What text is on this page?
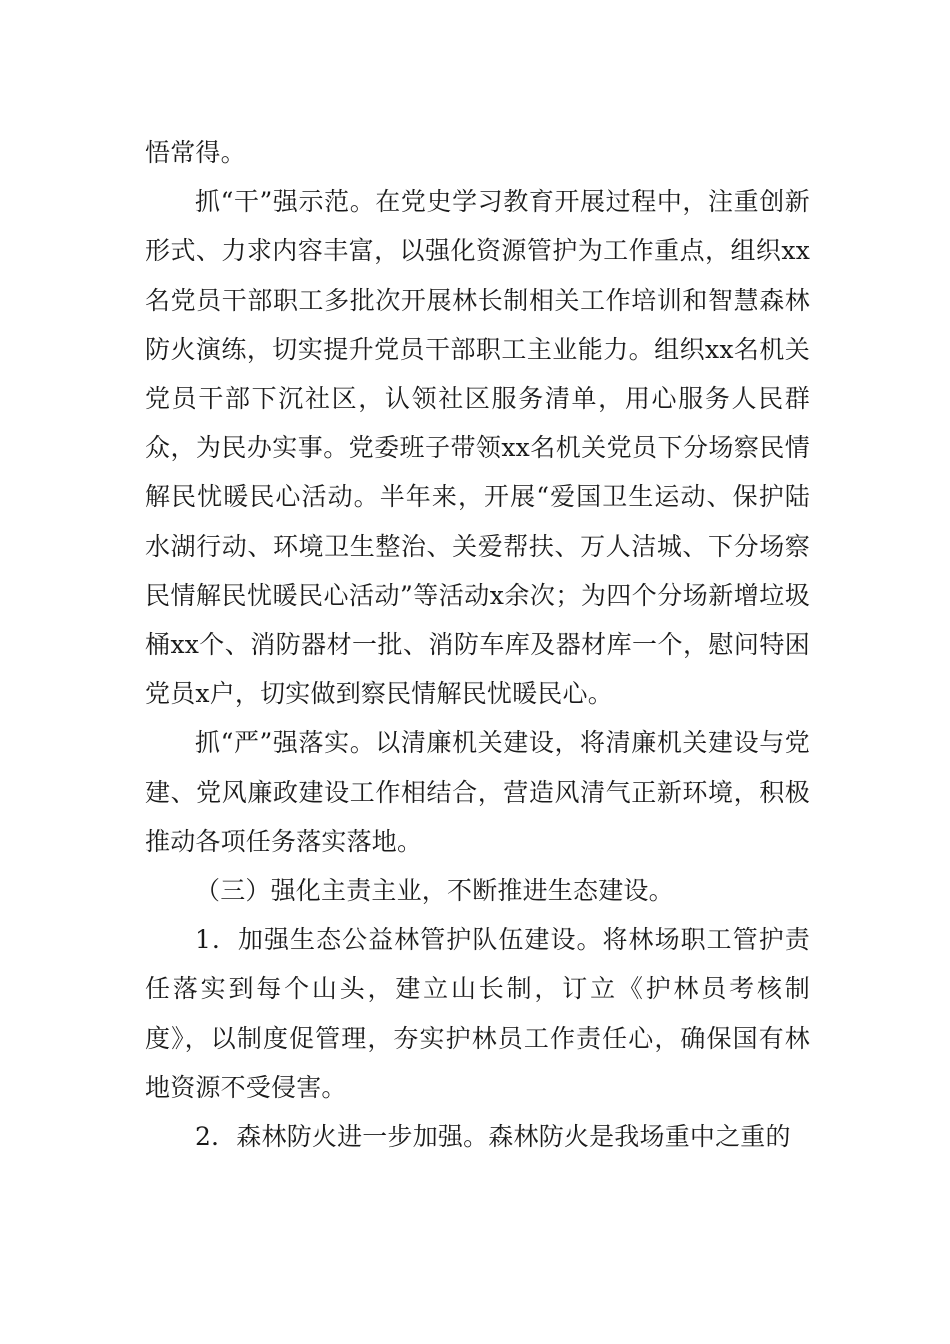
悟常得。

抓“干”强示范。在党史学习教育开展过程中，注重创新形式、力求内容丰富，以强化资源管护为工作重点，组织xx名党员干部职工多批次开展林长制相关工作培训和智慧森林防火演练，切实提升党员干部职工主业能力。组织xx名机关党员干部下沉社区，认领社区服务清单，用心服务人民群众，为民办实事。党委班子带领xx名机关党员下分场察民情解民忧暖民心活动。半年来，开展“爱国卫生运动、保护陆水湖行动、环境卫生整治、关爱帮扶、万人洁城、下分场察民情解民忧暖民心活动”等活动x余次；为四个分场新增垃圾桶xx个、消防器材一批、消防车库及器材库一个，慰问特困党员x户，切实做到察民情解民忧暖民心。

抓“严”强落实。以清廉机关建设，将清廉机关建设与党建、党风廉政建设工作相结合，营造风清气正新环境，积极推动各项任务落实落地。

（三）强化主责主业，不断推进生态建设。

1．加强生态公益林管护队伍建设。将林场职工管护责任落实到每个山头，建立山长制，订立《护林员考核制度》，以制度促管理，夯实护林员工作责任心，确保国有林地资源不受侵害。

2．森林防火进一步加强。森林防火是我场重中之重的
